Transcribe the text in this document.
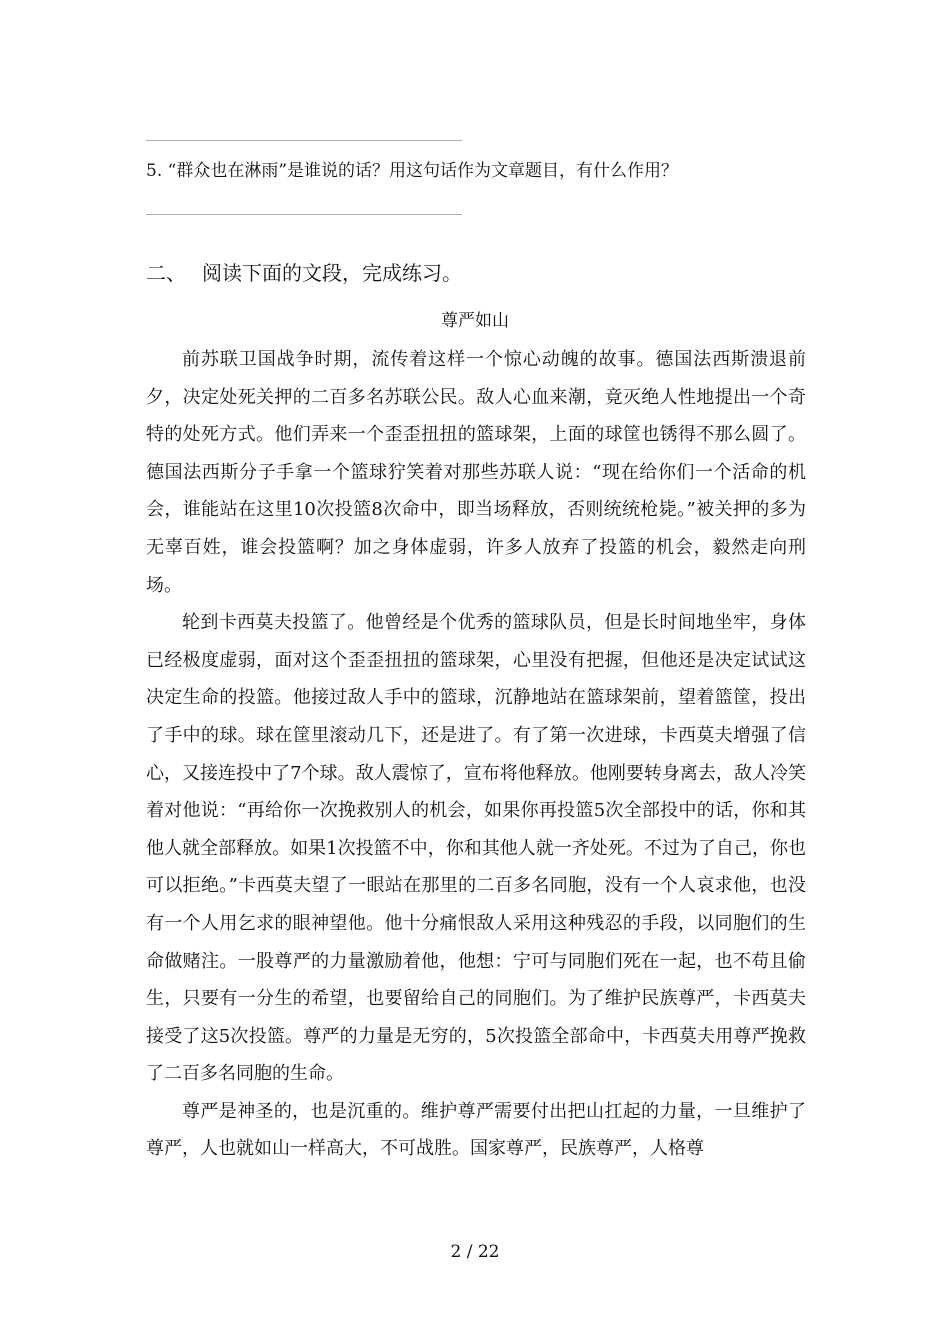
5. “群众也在淋雨”是谁说的话？用这句话作为文章题目，有什么作用？
二、 阅读下面的文段，完成练习。
尊严如山

前苏联卫国战争时期，流传着这样一个惊心动魄的故事。德国法西斯溃退前夕，决定处死关押的二百多名苏联公民。敌人心血来潮，竟灭绝人性地提出一个奇特的处死方式。他们弄来一个歪歪扭扭的篮球架，上面的球筐也锈得不那么圆了。德国法西斯分子手拿一个篮球狞笑着对那些苏联人说：“现在给你们一个活命的机会，谁能站在这里10次投篮8次命中，即当场释放，否则统统枪毙。”被关押的多为无辜百姓，谁会投篮啊？加之身体虚弱，许多人放弃了投篮的机会，毅然走向刑场。

轮到卡西莫夫投篮了。他曾经是个优秀的篮球队员，但是长时间地坐牢，身体已经极度虚弱，面对这个歪歪扭扭的篮球架，心里没有把握，但他还是决定试试这决定生命的投篮。他接过敌人手中的篮球，沉静地站在篮球架前，望着篮筐，投出了手中的球。球在筐里滚动几下，还是进了。有了第一次进球，卡西莫夫增强了信心，又接连投中了7个球。敌人震惊了，宣布将他释放。他刚要转身离去，敌人冷笑着对他说：“再给你一次挽救别人的机会，如果你再投篮5次全部投中的话，你和其他人就全部释放。如果1次投篮不中，你和其他人就一齐处死。不过为了自己，你也可以拒绝。”卡西莫夫望了一眼站在那里的二百多名同胞，没有一个人哀求他，也没有一个人用乞求的眼神望他。他十分痛恨敌人采用这种残忍的手段，以同胞们的生命做赌注。一股尊严的力量激励着他，他想：宁可与同胞们死在一起，也不苟且偷生，只要有一分生的希望，也要留给自己的同胞们。为了维护民族尊严，卡西莫夫接受了这5次投篮。尊严的力量是无穷的，5次投篮全部命中，卡西莫夫用尊严挽救了二百多名同胞的生命。

尊严是神圣的，也是沉重的。维护尊严需要付出把山扛起的力量，一旦维护了尊严，人也就如山一样高大，不可战胜。国家尊严，民族尊严，人格尊

2 / 22
